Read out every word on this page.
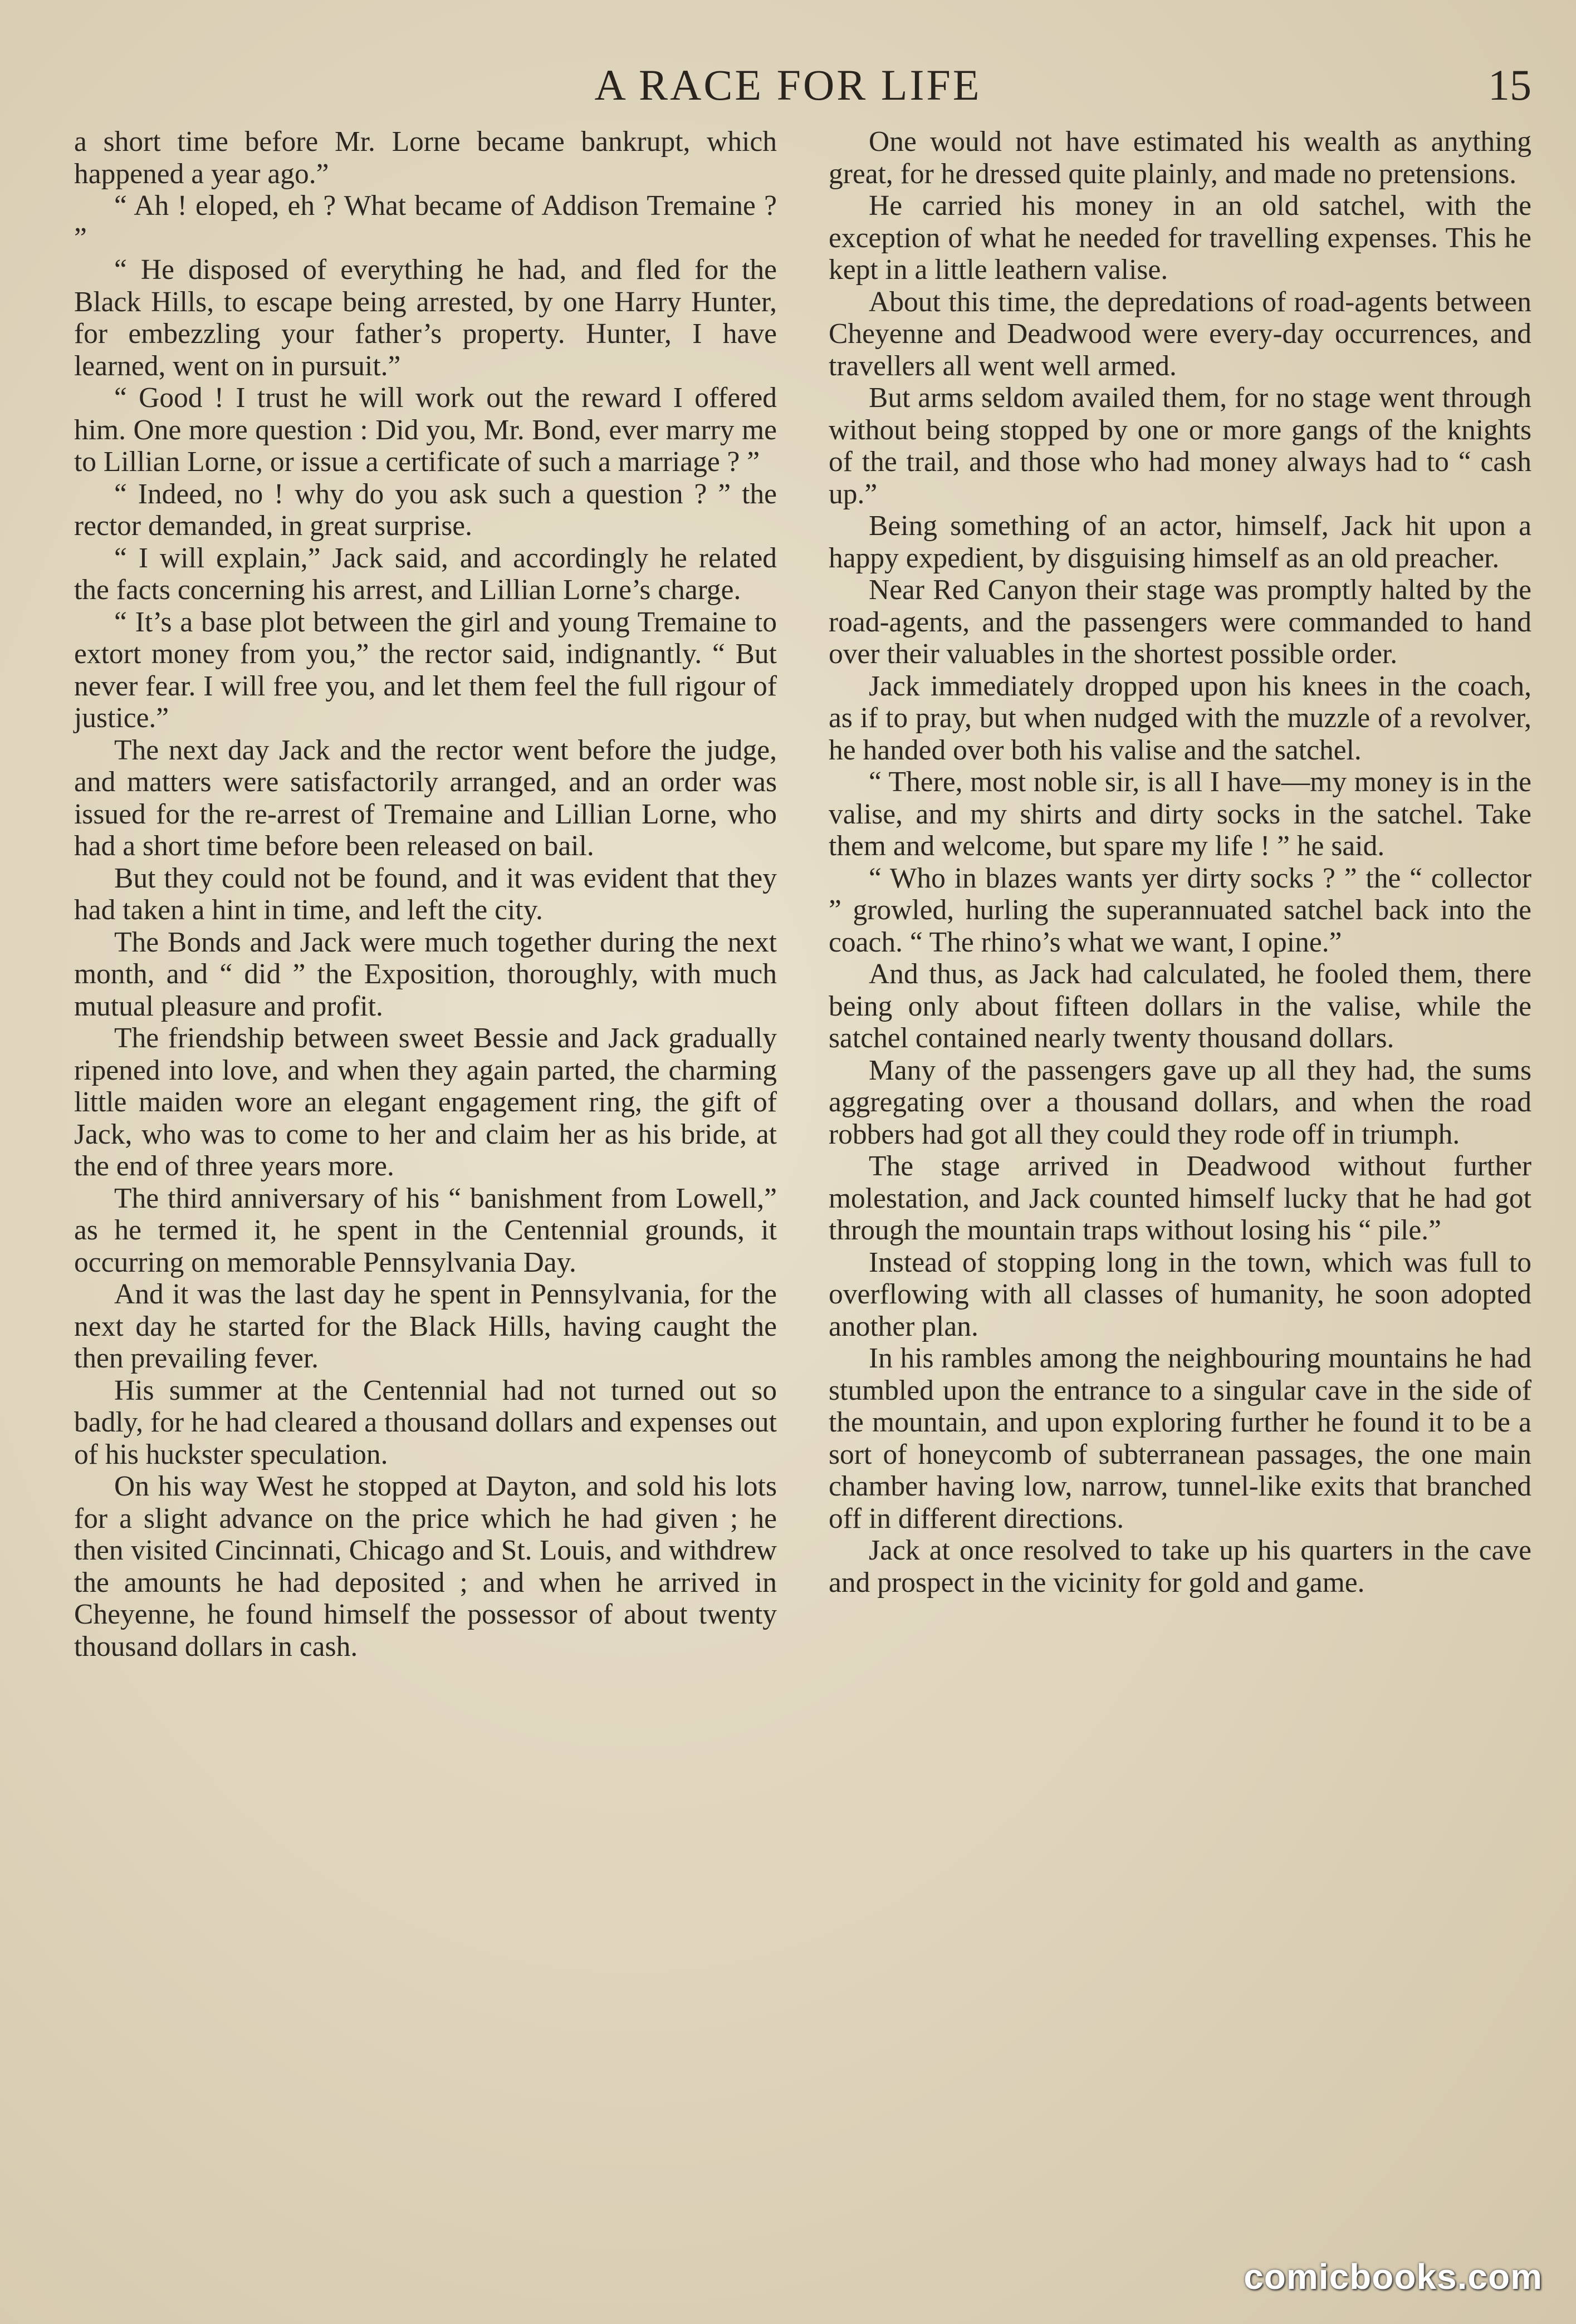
A RACE FOR LIFE	15

a short time before Mr. Lorne became bankrupt, which happened a year ago.”

“ Ah ! eloped, eh ? What became of Addison Tremaine ? ”

“ He disposed of everything he had, and fled for the Black Hills, to escape being arrested, by one Harry Hunter, for embezzling your father’s property. Hunter, I have learned, went on in pursuit.”

“ Good ! I trust he will work out the reward I offered him. One more question : Did you, Mr. Bond, ever marry me to Lillian Lorne, or issue a certificate of such a marriage ? ”

“ Indeed, no ! why do you ask such a question ? ” the rector demanded, in great surprise.

“ I will explain,” Jack said, and accordingly he related the facts concerning his arrest, and Lillian Lorne’s charge.

“ It’s a base plot between the girl and young Tremaine to extort money from you,” the rector said, indignantly. “ But never fear. I will free you, and let them feel the full rigour of justice.”

The next day Jack and the rector went before the judge, and matters were satisfactorily arranged, and an order was issued for the re-arrest of Tremaine and Lillian Lorne, who had a short time before been released on bail.

But they could not be found, and it was evident that they had taken a hint in time, and left the city.

The Bonds and Jack were much together during the next month, and “ did ” the Exposition, thoroughly, with much mutual pleasure and profit.

The friendship between sweet Bessie and Jack gradually ripened into love, and when they again parted, the charming little maiden wore an elegant engagement ring, the gift of Jack, who was to come to her and claim her as his bride, at the end of three years more.

The third anniversary of his “ banishment from Lowell,” as he termed it, he spent in the Centennial grounds, it occurring on memorable Pennsylvania Day.

And it was the last day he spent in Pennsylvania, for the next day he started for the Black Hills, having caught the then prevailing fever.

His summer at the Centennial had not turned out so badly, for he had cleared a thousand dollars and expenses out of his huckster speculation.

On his way West he stopped at Dayton, and sold his lots for a slight advance on the price which he had given ; he then visited Cincinnati, Chicago and St. Louis, and withdrew the amounts he had deposited ; and when he arrived in Cheyenne, he found himself the possessor of about twenty thousand dollars in cash.

One would not have estimated his wealth as anything great, for he dressed quite plainly, and made no pretensions.

He carried his money in an old satchel, with the exception of what he needed for travelling expenses. This he kept in a little leathern valise.

About this time, the depredations of road-agents between Cheyenne and Deadwood were every-day occurrences, and travellers all went well armed.

But arms seldom availed them, for no stage went through without being stopped by one or more gangs of the knights of the trail, and those who had money always had to “ cash up.”

Being something of an actor, himself, Jack hit upon a happy expedient, by disguising himself as an old preacher.

Near Red Canyon their stage was promptly halted by the road-agents, and the passengers were commanded to hand over their valuables in the shortest possible order.

Jack immediately dropped upon his knees in the coach, as if to pray, but when nudged with the muzzle of a revolver, he handed over both his valise and the satchel.

“ There, most noble sir, is all I have—my money is in the valise, and my shirts and dirty socks in the satchel. Take them and welcome, but spare my life ! ” he said.

“ Who in blazes wants yer dirty socks ? ” the “ collector ” growled, hurling the superannuated satchel back into the coach. “ The rhino’s what we want, I opine.”

And thus, as Jack had calculated, he fooled them, there being only about fifteen dollars in the valise, while the satchel contained nearly twenty thousand dollars.

Many of the passengers gave up all they had, the sums aggregating over a thousand dollars, and when the road robbers had got all they could they rode off in triumph.

The stage arrived in Deadwood without further molestation, and Jack counted himself lucky that he had got through the mountain traps without losing his “ pile.”

Instead of stopping long in the town, which was full to overflowing with all classes of humanity, he soon adopted another plan.

In his rambles among the neighbouring mountains he had stumbled upon the entrance to a singular cave in the side of the mountain, and upon exploring further he found it to be a sort of honeycomb of subterranean passages, the one main chamber having low, narrow, tunnel-like exits that branched off in different directions.

Jack at once resolved to take up his quarters in the cave and prospect in the vicinity for gold and game.

comicbooks.com
